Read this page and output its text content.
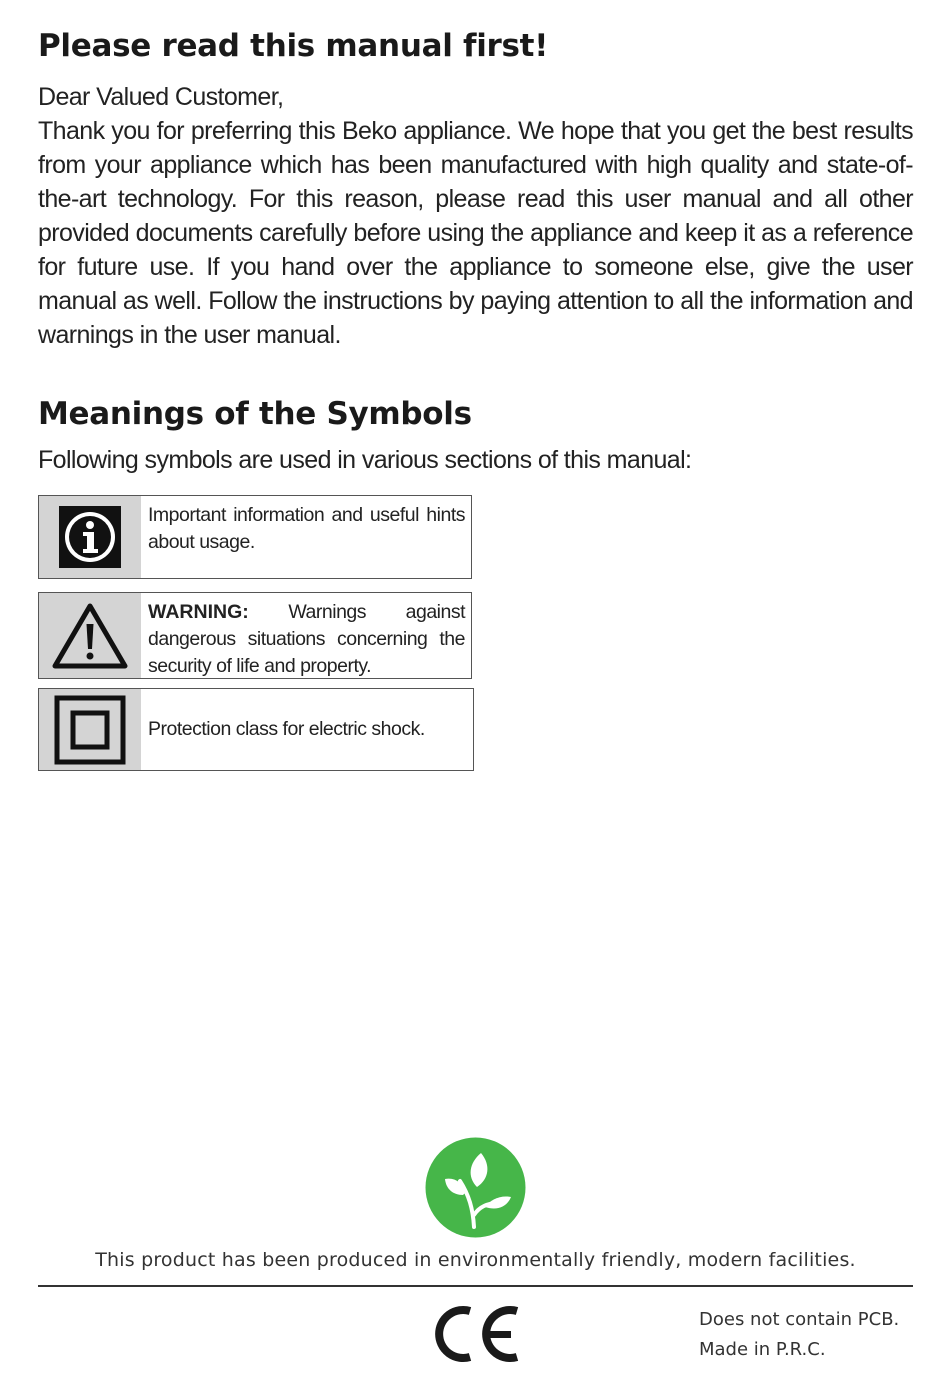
Please read this manual first!
Dear Valued Customer,

Thank you for preferring this Beko appliance. We hope that you get the best results from your appliance which has been manufactured with high quality and state-of-the-art technology. For this reason, please read this user manual and all other provided documents carefully before using the appliance and keep it as a reference for future use. If you hand over the appliance to someone else, give the user manual as well. Follow the instructions by paying attention to all the information and warnings in the user manual.

Meanings of the Symbols
Following symbols are used in various sections of this manual:
Important information and useful hints about usage.
WARNING: Warnings against dangerous situations concerning the security of life and property.
Protection class for electric shock.
This product has been produced in environmentally friendly, modern facilities.
Does not contain PCB.
Made in P.R.C.
